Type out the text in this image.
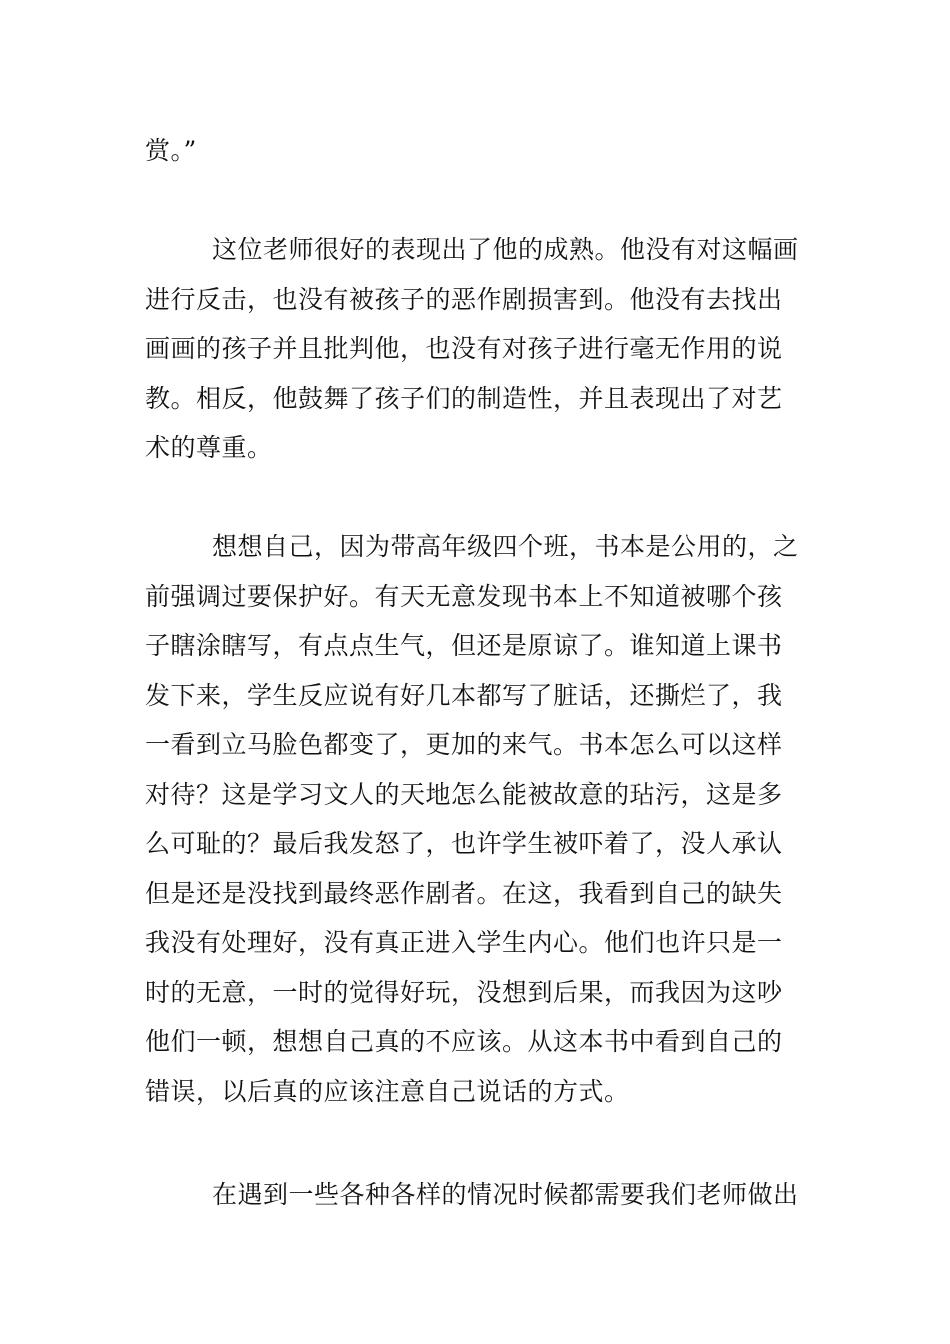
赏。”
这位老师很好的表现出了他的成熟。他没有对这幅画
进行反击，也没有被孩子的恶作剧损害到。他没有去找出
画画的孩子并且批判他，也没有对孩子进行毫无作用的说
教。相反，他鼓舞了孩子们的制造性，并且表现出了对艺
术的尊重。
想想自己，因为带高年级四个班，书本是公用的，之
前强调过要保护好。有天无意发现书本上不知道被哪个孩
子瞎涂瞎写，有点点生气，但还是原谅了。谁知道上课书
发下来，学生反应说有好几本都写了脏话，还撕烂了，我
一看到立马脸色都变了，更加的来气。书本怎么可以这样
对待？这是学习文人的天地怎么能被故意的玷污，这是多
么可耻的？最后我发怒了，也许学生被吓着了，没人承认
但是还是没找到最终恶作剧者。在这，我看到自己的缺失
我没有处理好，没有真正进入学生内心。他们也许只是一
时的无意，一时的觉得好玩，没想到后果，而我因为这吵
他们一顿，想想自己真的不应该。从这本书中看到自己的
错误，以后真的应该注意自己说话的方式。
在遇到一些各种各样的情况时候都需要我们老师做出
